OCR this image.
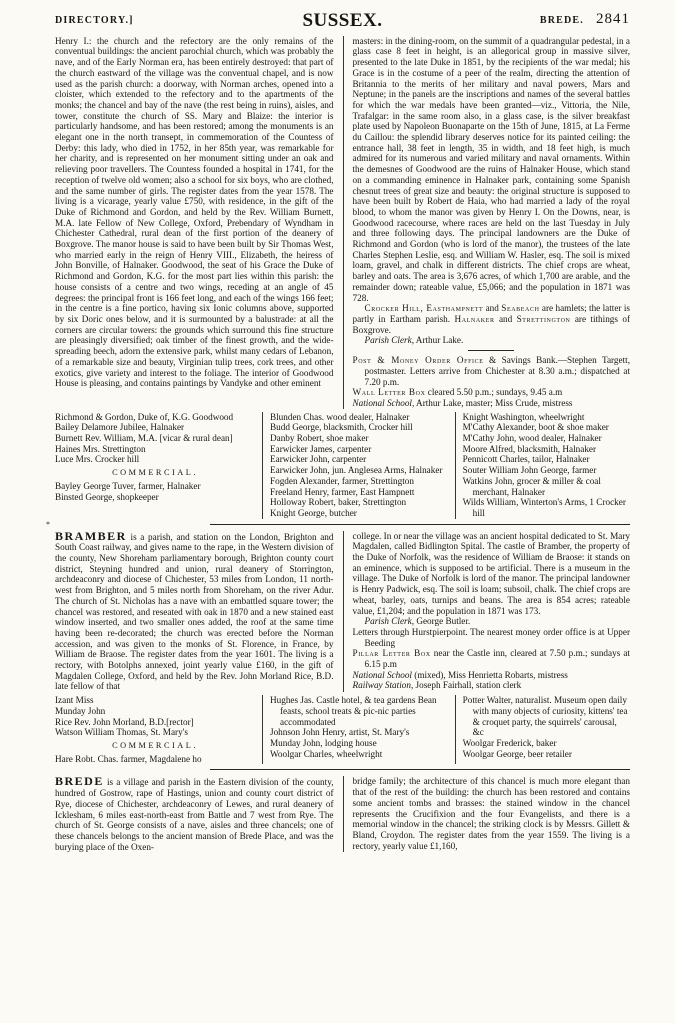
DIRECTORY.]	SUSSEX.	BREDE. 2841
*

Henry I.: the church and the refectory are the only remains of the conventual buildings: the ancient parochial church, which was probably the nave, and of the Early Norman era, has been entirely destroyed: that part of the church eastward of the village was the conventual chapel, and is now used as the parish church: a doorway, with Norman arches, opened into a cloister, which extended to the refectory and to the apartments of the monks; the chancel and bay of the nave (the rest being in ruins), aisles, and tower, constitute the church of SS. Mary and Blaize: the interior is particularly handsome, and has been restored; among the monuments is an elegant one in the north transept, in commemoration of the Countess of Derby: this lady, who died in 1752, in her 85th year, was remarkable for her charity, and is represented on her monument sitting under an oak and relieving poor travellers. The Countess founded a hospital in 1741, for the reception of twelve old women; also a school for six boys, who are clothed, and the same number of girls. The register dates from the year 1578. The living is a vicarage, yearly value £750, with residence, in the gift of the Duke of Richmond and Gordon, and held by the Rev. William Burnett, M.A. late Fellow of New College, Oxford, Prebendary of Wyndham in Chichester Cathedral, rural dean of the first portion of the deanery of Boxgrove. The manor house is said to have been built by Sir Thomas West, who married early in the reign of Henry VIII., Elizabeth, the heiress of John Bonville, of Halnaker. Goodwood, the seat of his Grace the Duke of Richmond and Gordon, K.G. for the most part lies within this parish: the house consists of a centre and two wings, receding at an angle of 45 degrees: the principal front is 166 feet long, and each of the wings 166 feet; in the centre is a fine portico, having six Ionic columns above, supported by six Doric ones below, and it is surmounted by a balustrade: at all the corners are circular towers: the grounds which surround this fine structure are pleasingly diversified; oak timber of the finest growth, and the wide-spreading beech, adorn the extensive park, whilst many cedars of Lebanon, of a remarkable size and beauty, Virginian tulip trees, cork trees, and other exotics, give variety and interest to the foliage. The interior of Goodwood House is pleasing, and contains paintings by Vandyke and other eminent

masters: in the dining-room, on the summit of a quadrangular pedestal, in a glass case 8 feet in height, is an allegorical group in massive silver, presented to the late Duke in 1851, by the recipients of the war medal; his Grace is in the costume of a peer of the realm, directing the attention of Britannia to the merits of her military and naval powers, Mars and Neptune; in the panels are the inscriptions and names of the several battles for which the war medals have been granted—viz., Vittoria, the Nile, Trafalgar: in the same room also, in a glass case, is the silver breakfast plate used by Napoleon Buonaparte on the 15th of June, 1815, at La Ferme du Caillou: the splendid library deserves notice for its painted ceiling: the entrance hall, 38 feet in length, 35 in width, and 18 feet high, is much admired for its numerous and varied military and naval ornaments. Within the demesnes of Goodwood are the ruins of Halnaker House, which stand on a commanding eminence in Halnaker park, containing some Spanish chesnut trees of great size and beauty: the original structure is supposed to have been built by Robert de Haia, who had married a lady of the royal blood, to whom the manor was given by Henry I. On the Downs, near, is Goodwood racecourse, where races are held on the last Tuesday in July and three following days. The principal landowners are the Duke of Richmond and Gordon (who is lord of the manor), the trustees of the late Charles Stephen Leslie, esq. and William W. Hasler, esq. The soil is mixed loam, gravel, and chalk in different districts. The chief crops are wheat, barley and oats. The area is 3,676 acres, of which 1,700 are arable, and the remainder down; rateable value, £5,066; and the population in 1871 was 728.

Crocker Hill, Easthampnett and Seabeach are hamlets; the latter is partly in Eartham parish. Halnaker and Strettington are tithings of Boxgrove.

Parish Clerk, Arthur Lake.

Post & Money Order Office & Savings Bank.—Stephen Targett, postmaster. Letters arrive from Chichester at 8.30 a.m.; dispatched at 7.20 p.m.

Wall Letter Box cleared 5.50 p.m.; sundays, 9.45 a.m

National School, Arthur Lake, master; Miss Crude, mistress

Richmond & Gordon, Duke of, K.G. Goodwood
Bailey Delamore Jubilee, Halnaker
Burnett Rev. William, M.A. [vicar & rural dean]
Haines Mrs. Strettington
Luce Mrs. Crocker hill
COMMERCIAL.
Bayley George Tuver, farmer, Halnaker
Binsted George, shopkeeper
Blunden Chas. wood dealer, Halnaker
Budd George, blacksmith, Crocker hill
Danby Robert, shoe maker
Earwicker James, carpenter
Earwicker John, carpenter
Earwicker John, jun. Anglesea Arms, Halnaker
Fogden Alexander, farmer, Strettington
Freeland Henry, farmer, East Hampnett
Holloway Robert, baker, Strettington
Knight George, butcher
Knight Washington, wheelwright
M'Cathy Alexander, boot & shoe maker
M'Cathy John, wood dealer, Halnaker
Moore Alfred, blacksmith, Halnaker
Pennicott Charles, tailor, Halnaker
Souter William John George, farmer
Watkins John, grocer & miller & coal merchant, Halnaker
Wilds William, Winterton's Arms, 1 Crocker hill

BRAMBER is a parish, and station on the London, Brighton and South Coast railway, and gives name to the rape, in the Western division of the county, New Shoreham parliamentary borough, Brighton county court district, Steyning hundred and union, rural deanery of Storrington, archdeaconry and diocese of Chichester, 53 miles from London, 11 north-west from Brighton, and 5 miles north from Shoreham, on the river Adur. The church of St. Nicholas has a nave with an embattled square tower; the chancel was restored, and reseated with oak in 1870 and a new stained east window inserted, and two smaller ones added, the roof at the same time having been re-decorated; the church was erected before the Norman accession, and was given to the monks of St. Florence, in France, by William de Braose. The register dates from the year 1601. The living is a rectory, with Botolphs annexed, joint yearly value £160, in the gift of Magdalen College, Oxford, and held by the Rev. John Morland Rice, B.D. late fellow of that

college. In or near the village was an ancient hospital dedicated to St. Mary Magdalen, called Bidlington Spital. The castle of Bramber, the property of the Duke of Norfolk, was the residence of William de Braose: it stands on an eminence, which is supposed to be artificial. There is a museum in the village. The Duke of Norfolk is lord of the manor. The principal landowner is Henry Padwick, esq. The soil is loam; subsoil, chalk. The chief crops are wheat, barley, oats, turnips and beans. The area is 854 acres; rateable value, £1,204; and the population in 1871 was 173.

Parish Clerk, George Butler.

Letters through Hurstpierpoint. The nearest money order office is at Upper Beeding

Pillar Letter Box near the Castle inn, cleared at 7.50 p.m.; sundays at 6.15 p.m

National School (mixed), Miss Henrietta Robarts, mistress

Railway Station, Joseph Fairhall, station clerk

Izant Miss
Munday John
Rice Rev. John Morland, B.D.[rector]
Watson William Thomas, St. Mary's
COMMERCIAL.
Hare Robt. Chas. farmer, Magdalene ho
Hughes Jas. Castle hotel, & tea gardens Bean feasts, school treats & pic-nic parties accommodated
Johnson John Henry, artist, St. Mary's
Munday John, lodging house
Woolgar Charles, wheelwright
Potter Walter, naturalist. Museum open daily with many objects of curiosity, kittens' tea & croquet party, the squirrels' carousal, &c
Woolgar Frederick, baker
Woolgar George, beer retailer

BREDE is a village and parish in the Eastern division of the county, hundred of Gostrow, rape of Hastings, union and county court district of Rye, diocese of Chichester, archdeaconry of Lewes, and rural deanery of Icklesham, 6 miles east-north-east from Battle and 7 west from Rye. The church of St. George consists of a nave, aisles and three chancels; one of these chancels belongs to the ancient mansion of Brede Place, and was the burying place of the Oxen-

bridge family; the architecture of this chancel is much more elegant than that of the rest of the building: the church has been restored and contains some ancient tombs and brasses: the stained window in the chancel represents the Crucifixion and the four Evangelists, and there is a memorial window in the chancel; the striking clock is by Messrs. Gillett & Bland, Croydon. The register dates from the year 1559. The living is a rectory, yearly value £1,160,
